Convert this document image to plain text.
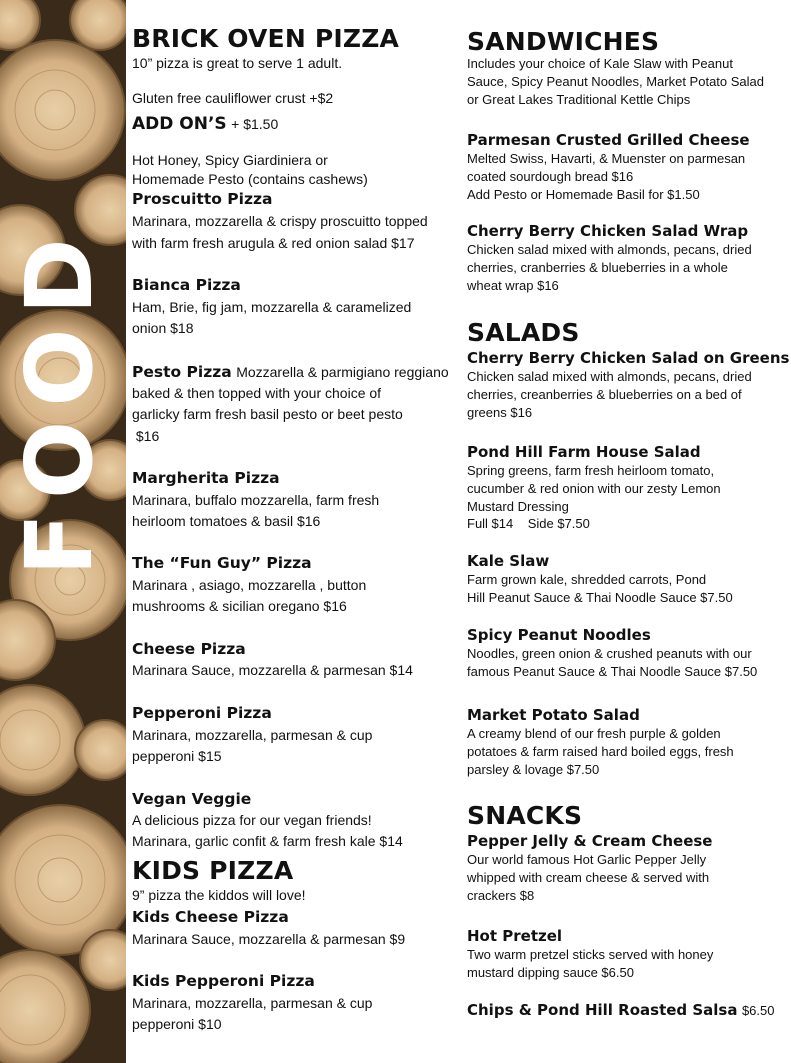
FOOD
BRICK OVEN PIZZA
10” pizza is great to serve 1 adult.
Gluten free cauliflower crust +$2
ADD ON’S + $1.50
Hot Honey, Spicy Giardiniera or
Homemade Pesto (contains cashews)
Proscuitto Pizza
Marinara, mozzarella & crispy proscuitto topped
with farm fresh arugula & red onion salad $17
Bianca Pizza
Ham, Brie, fig jam, mozzarella & caramelized
onion $18
Pesto Pizza Mozzarella & parmigiano reggiano
baked & then topped with your choice of
garlicky farm fresh basil pesto or beet pesto
$16
Margherita Pizza
Marinara, buffalo mozzarella, farm fresh
heirloom tomatoes & basil $16
The “Fun Guy” Pizza
Marinara , asiago, mozzarella , button
mushrooms & sicilian oregano $16
Cheese Pizza
Marinara Sauce, mozzarella & parmesan $14
Pepperoni Pizza
Marinara, mozzarella, parmesan & cup
pepperoni $15
Vegan Veggie
A delicious pizza for our vegan friends!
Marinara, garlic confit & farm fresh kale $14
KIDS PIZZA
9” pizza the kiddos will love!
Kids Cheese Pizza
Marinara Sauce, mozzarella & parmesan $9
Kids Pepperoni Pizza
Marinara, mozzarella, parmesan & cup
pepperoni $10
SANDWICHES
Includes your choice of Kale Slaw with Peanut
Sauce, Spicy Peanut Noodles, Market Potato Salad
or Great Lakes Traditional Kettle Chips
Parmesan Crusted Grilled Cheese
Melted Swiss, Havarti, & Muenster on parmesan
coated sourdough bread $16
Add Pesto or Homemade Basil for $1.50
Cherry Berry Chicken Salad Wrap
Chicken salad mixed with almonds, pecans, dried
cherries, cranberries & blueberries in a whole
wheat wrap $16
SALADS
Cherry Berry Chicken Salad on Greens
Chicken salad mixed with almonds, pecans, dried
cherries, creanberries & blueberries on a bed of
greens $16
Pond Hill Farm House Salad
Spring greens, farm fresh heirloom tomato,
cucumber & red onion with our zesty Lemon
Mustard Dressing
Full $14    Side $7.50
Kale Slaw
Farm grown kale, shredded carrots, Pond
Hill Peanut Sauce & Thai Noodle Sauce $7.50
Spicy Peanut Noodles
Noodles, green onion & crushed peanuts with our
famous Peanut Sauce & Thai Noodle Sauce $7.50
Market Potato Salad
A creamy blend of our fresh purple & golden
potatoes & farm raised hard boiled eggs, fresh
parsley & lovage $7.50
SNACKS
Pepper Jelly & Cream Cheese
Our world famous Hot Garlic Pepper Jelly
whipped with cream cheese & served with
crackers $8
Hot Pretzel
Two warm pretzel sticks served with honey
mustard dipping sauce $6.50
Chips & Pond Hill Roasted Salsa $6.50
